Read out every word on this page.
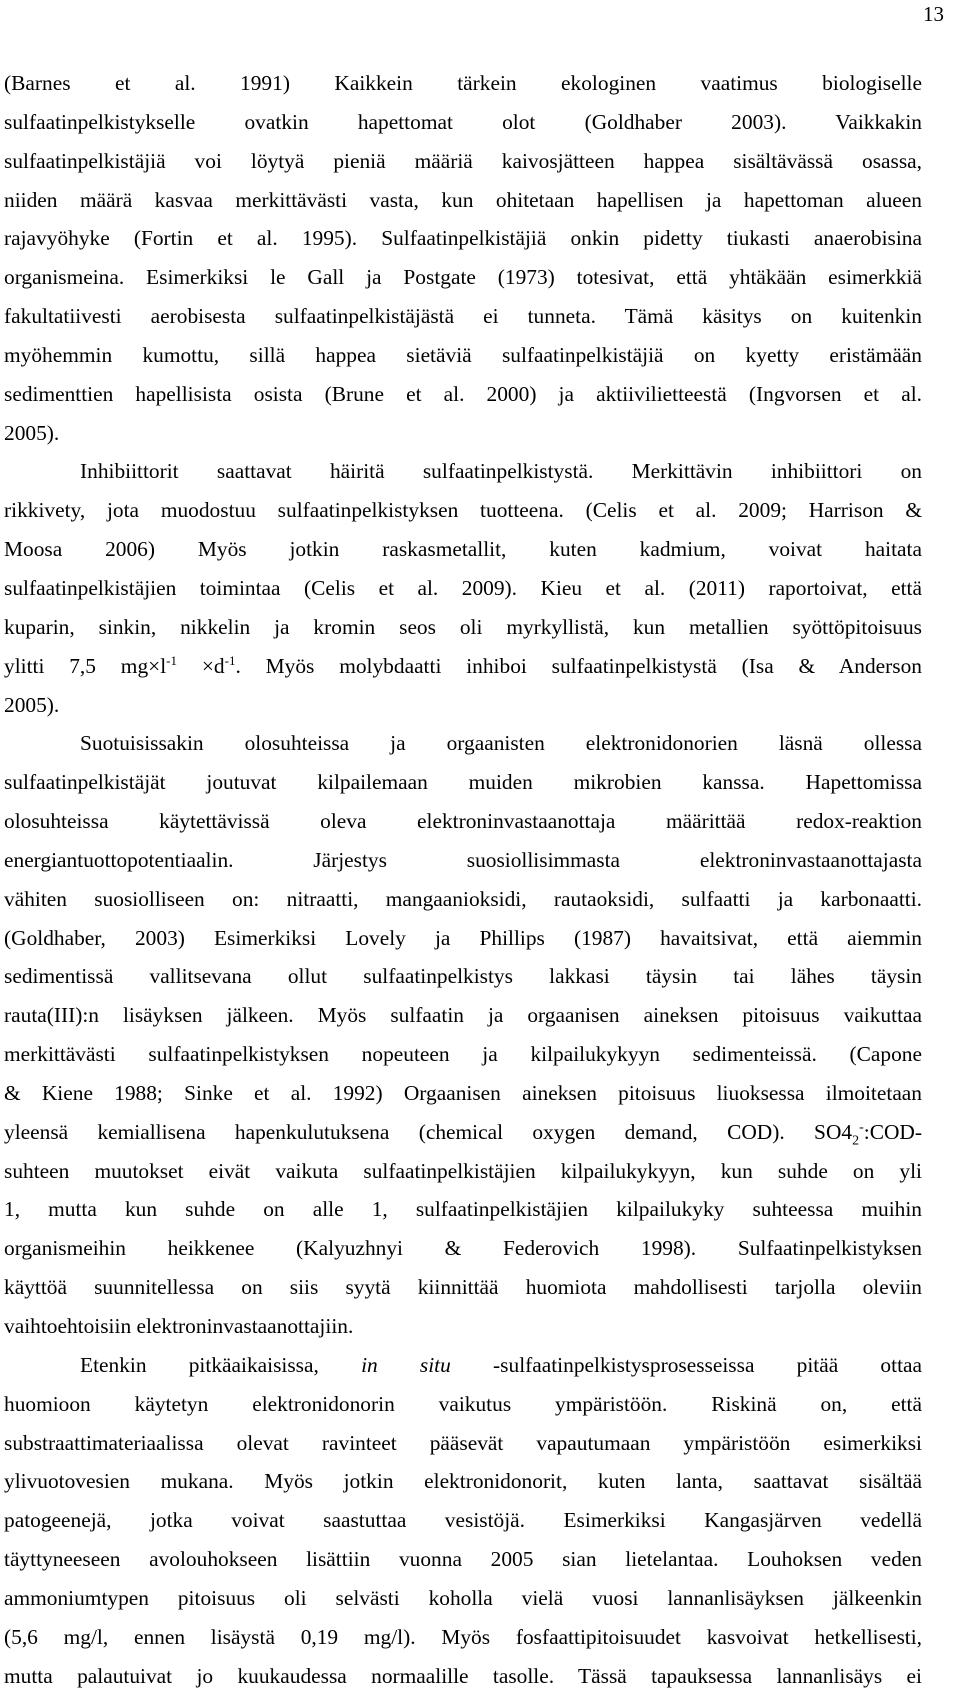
13
(Barnes et al. 1991) Kaikkein tärkein ekologinen vaatimus biologiselle
sulfaatinpelkistykselle ovatkin hapettomat olot (Goldhaber 2003). Vaikkakin
sulfaatinpelkistäjiä voi löytyä pieniä määriä kaivosjätteen happea sisältävässä osassa,
niiden määrä kasvaa merkittävästi vasta, kun ohitetaan hapellisen ja hapettoman alueen
rajavyöhyke (Fortin et al. 1995). Sulfaatinpelkistäjiä onkin pidetty tiukasti anaerobisina
organismeina. Esimerkiksi le Gall ja Postgate (1973) totesivat, että yhtäkään esimerkkiä
fakultatiivesti aerobisesta sulfaatinpelkistäjästä ei tunneta. Tämä käsitys on kuitenkin
myöhemmin kumottu, sillä happea sietäviä sulfaatinpelkistäjiä on kyetty eristämään
sedimenttien hapellisista osista (Brune et al. 2000) ja aktiivilietteestä (Ingvorsen et al.
2005).
Inhibiittorit saattavat häiritä sulfaatinpelkistystä. Merkittävin inhibiittori on
rikkivety, jota muodostuu sulfaatinpelkistyksen tuotteena. (Celis et al. 2009; Harrison &
Moosa 2006) Myös jotkin raskasmetallit, kuten kadmium, voivat haitata
sulfaatinpelkistäjien toimintaa (Celis et al. 2009). Kieu et al. (2011) raportoivat, että
kuparin, sinkin, nikkelin ja kromin seos oli myrkyllistä, kun metallien syöttöpitoisuus
ylitti 7,5 $mg\times l^{-1} \times d^{-1}$. Myös molybdaatti inhiboi sulfaatinpelkistystä (Isa & Anderson
2005).
Suotuisissakin olosuhteissa ja orgaanisten elektronidonorien läsnä ollessa
sulfaatinpelkistäjät joutuvat kilpailemaan muiden mikrobien kanssa. Hapettomissa
olosuhteissa käytettävissä oleva elektroninvastaanottaja määrittää redox-reaktion
energiantuottopotentiaalin. Järjestys suosiollisimmasta elektroninvastaanottajasta
vähiten suosiolliseen on: nitraatti, mangaanioksidi, rautaoksidi, sulfaatti ja karbonaatti.
(Goldhaber, 2003) Esimerkiksi Lovely ja Phillips (1987) havaitsivat, että aiemmin
sedimentissä vallitsevana ollut sulfaatinpelkistys lakkasi täysin tai lähes täysin
rauta(III):n lisäyksen jälkeen. Myös sulfaatin ja orgaanisen aineksen pitoisuus vaikuttaa
merkittävästi sulfaatinpelkistyksen nopeuteen ja kilpailukykyyn sedimenteissä. (Capone
& Kiene 1988; Sinke et al. 1992) Orgaanisen aineksen pitoisuus liuoksessa ilmoitetaan
yleensä kemiallisena hapenkulutuksena (chemical oxygen demand, COD). $SO4_2^-:COD-$
suhteen muutokset eivät vaikuta sulfaatinpelkistäjien kilpailukykyyn, kun suhde on yli
1, mutta kun suhde on alle 1, sulfaatinpelkistäjien kilpailukyky suhteessa muihin
organismeihin heikkenee (Kalyuzhnyi & Federovich 1998). Sulfaatinpelkistyksen
käyttöä suunnitellessa on siis syytä kiinnittää huomiota mahdollisesti tarjolla oleviin
vaihtoehtoisiin elektroninvastaanottajiin.
Etenkin pitkäaikaisissa, in situ -sulfaatinpelkistysprosesseissa pitää ottaa
huomioon käytetyn elektronidonorin vaikutus ympäristöön. Riskinä on, että
substraattimateriaalissa olevat ravinteet pääsevät vapautumaan ympäristöön esimerkiksi
ylivuotovesien mukana. Myös jotkin elektronidonorit, kuten lanta, saattavat sisältää
patogeenejä, jotka voivat saastuttaa vesistöjä. Esimerkiksi Kangasjärven vedellä
täyttyneeseen avolouhokseen lisättiin vuonna 2005 sian lietelantaa. Louhoksen veden
ammoniumtypen pitoisuus oli selvästi koholla vielä vuosi lannanlisäyksen jälkeenkin
(5,6 mg/l, ennen lisäystä 0,19 mg/l). Myös fosfaattipitoisuudet kasvoivat hetkellisesti,
mutta palautuivat jo kuukaudessa normaalille tasolle. Tässä tapauksessa lannanlisäys ei
